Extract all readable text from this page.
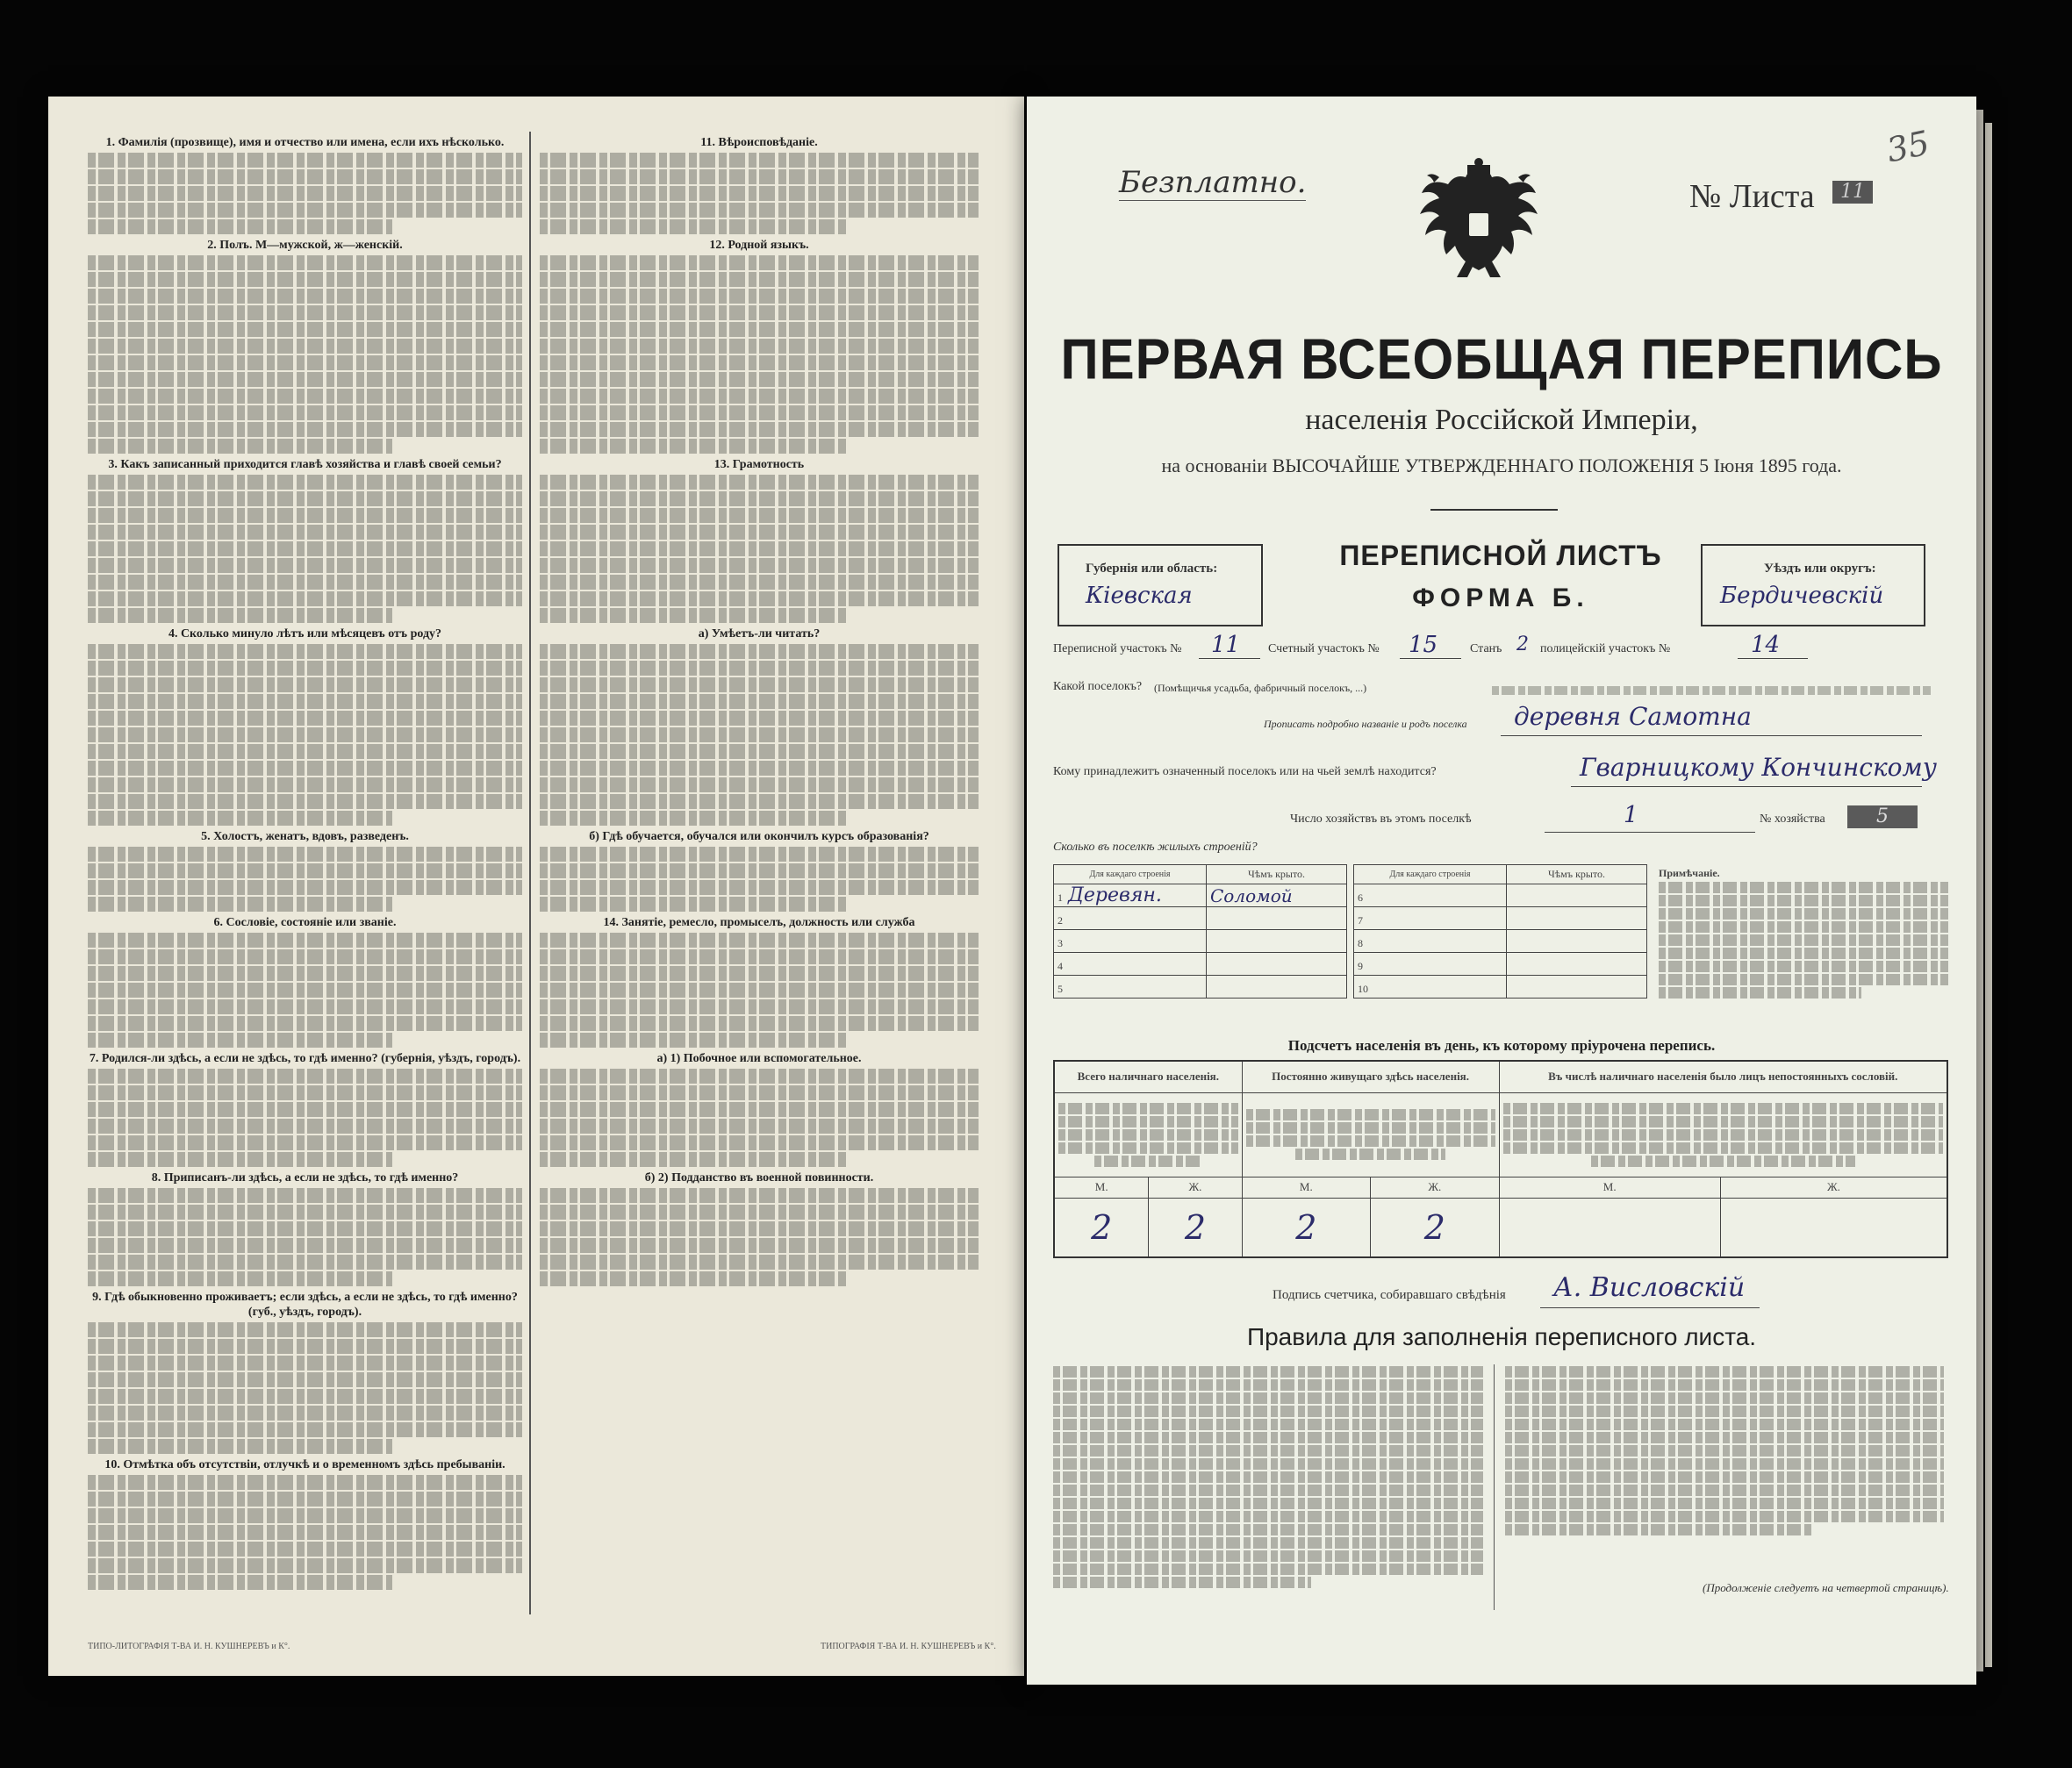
1. Фамилія (прозвище), имя и отчество или имена, если ихъ нѣсколько.
2. Полъ. М—мужской, ж—женскій.
3. Какъ записанный приходится главѣ хозяйства и главѣ своей семьи?
4. Сколько минуло лѣтъ или мѣсяцевъ отъ роду?
5. Холостъ, женатъ, вдовъ, разведенъ.
6. Сословіе, состояніе или званіе.
7. Родился-ли здѣсь, а если не здѣсь, то гдѣ именно? (губернія, уѣздъ, городъ).
8. Приписанъ-ли здѣсь, а если не здѣсь, то гдѣ именно?
9. Гдѣ обыкновенно проживаетъ; если здѣсь, а если не здѣсь, то гдѣ именно? (губ., уѣздъ, городъ).
10. Отмѣтка объ отсутствіи, отлучкѣ и о временномъ здѣсь пребываніи.
11. Вѣроисповѣданіе.
12. Родной языкъ.
13. Грамотность
а) Умѣетъ-ли читать?
б) Гдѣ обучается, обучался или окончилъ курсъ образованія?
14. Занятіе, ремесло, промыселъ, должность или служба
а) 1) Побочное или вспомогательное.
б) 2) Подданство въ военной повинности.
ТИПО-ЛИТОГРАФІЯ Т-ВА И. Н. КУШНЕРЕВЪ и К°.	ТИПОГРАФІЯ Т-ВА И. Н. КУШНЕРЕВЪ и К°.
Безплатно.	№ Листа	11
35
ПЕРВАЯ ВСЕОБЩАЯ ПЕРЕПИСЬ
населенія Россійской Имперіи,
на основаніи ВЫСОЧАЙШЕ УТВЕРЖДЕННАГО ПОЛОЖЕНІЯ 5 Іюня 1895 года.
Губернія или область:
Кіевская
ПЕРЕПИСНОЙ ЛИСТЪ
ФОРМА Б.
Уѣздъ или округъ:
Бердичевскій
Переписной участокъ № 11 Счетный участокъ № 15	Станъ 2 полицейскій участокъ №	14
Какой поселокъ? (Помѣщичья усадьба, фабричный поселокъ, ...)
Прописать подробно названіе и родъ поселка деревня Самотна
Кому принадлежитъ означенный поселокъ или на чьей землѣ находится?	Гварницкому Кончинскому
Число хозяйствъ въ этомъ поселкѣ	1	№ хозяйства	5
Сколько въ поселкѣ жилыхъ строеній?
Для каждаго строенія	Чѣмъ крыто.
1 Деревян.	Соломой
2	
3	
4	
5	
Для каждаго строенія	Чѣмъ крыто.
6	
7	
8	
9	
10	
Примѣчаніе.
Подсчетъ населенія въ день, къ которому пріурочена перепись.
Всего наличнаго населенія.		Постоянно живущаго здѣсь населенія.		Въ числѣ наличнаго населенія было лицъ непостоянныхъ сословій.	

М.	Ж.	М.	Ж.	М.	Ж.
2	2	2	2		
Подпись счетчика, собиравшаго свѣдѣнія А. Висловскій
Правила для заполненія переписного листа.
(Продолженіе следуетъ на четвертой страницѣ).
